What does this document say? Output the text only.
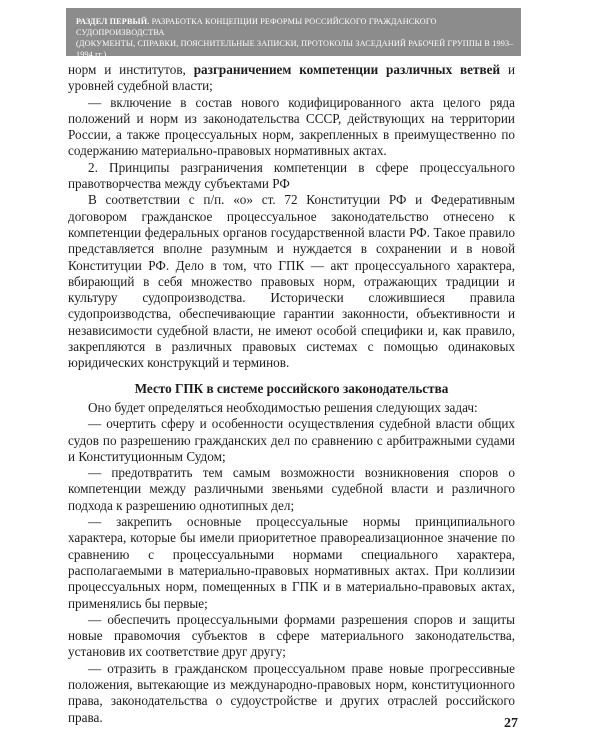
РАЗДЕЛ ПЕРВЫЙ. РАЗРАБОТКА КОНЦЕПЦИИ РЕФОРМЫ РОССИЙСКОГО ГРАЖДАНСКОГО СУДОПРОИЗВОДСТВА
(ДОКУМЕНТЫ, СПРАВКИ, ПОЯСНИТЕЛЬНЫЕ ЗАПИСКИ, ПРОТОКОЛЫ ЗАСЕДАНИЙ РАБОЧЕЙ ГРУППЫ В 1993–1994 гг.)

норм и институтов, разграничением компетенции различных ветвей и уровней судебной власти;

— включение в состав нового кодифицированного акта целого ряда положений и норм из законодательства СССР, действующих на территории России, а также процессуальных норм, закрепленных в преимущественно по содержанию материально-правовых нормативных актах.

2. Принципы разграничения компетенции в сфере процессуального правотворчества между субъектами РФ

В соответствии с п/п. «о» ст. 72 Конституции РФ и Федеративным договором гражданское процессуальное законодательство отнесено к компетенции федеральных органов государственной власти РФ. Такое правило представляется вполне разумным и нуждается в сохранении и в новой Конституции РФ. Дело в том, что ГПК — акт процессуального характера, вбирающий в себя множество правовых норм, отражающих традиции и культуру судопроизводства. Исторически сложившиеся правила судопроизводства, обеспечивающие гарантии законности, объективности и независимости судебной власти, не имеют особой специфики и, как правило, закрепляются в различных правовых системах с помощью одинаковых юридических конструкций и терминов.

Место ГПК в системе российского законодательства

Оно будет определяться необходимостью решения следующих задач:

— очертить сферу и особенности осуществления судебной власти общих судов по разрешению гражданских дел по сравнению с арбитражными судами и Конституционным Судом;

— предотвратить тем самым возможности возникновения споров о компетенции между различными звеньями судебной власти и различного подхода к разрешению однотипных дел;

— закрепить основные процессуальные нормы принципиального характера, которые бы имели приоритетное правореализационное значение по сравнению с процессуальными нормами специального характера, располагаемыми в материально-правовых нормативных актах. При коллизии процессуальных норм, помещенных в ГПК и в материально-правовых актах, применялись бы первые;

— обеспечить процессуальными формами разрешения споров и защиты новые правомочия субъектов в сфере материального законодательства, установив их соответствие друг другу;

— отразить в гражданском процессуальном праве новые прогрессивные положения, вытекающие из международно-правовых норм, конституционного права, законодательства о судоустройстве и других отраслей российского права.	27
